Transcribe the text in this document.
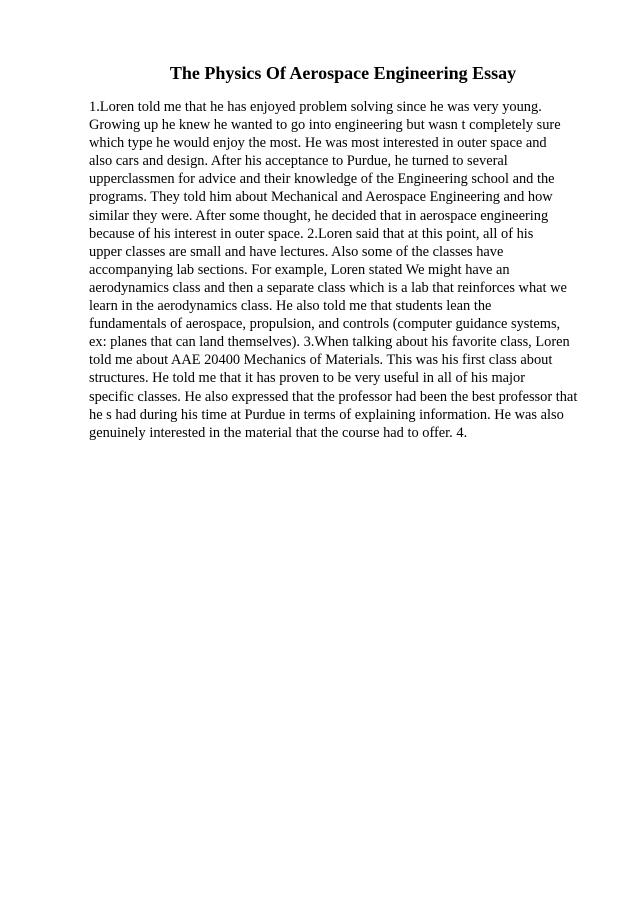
The Physics Of Aerospace Engineering Essay
1.Loren told me that he has enjoyed problem solving since he was very young.
Growing up he knew he wanted to go into engineering but wasn t completely sure
which type he would enjoy the most. He was most interested in outer space and
also cars and design. After his acceptance to Purdue, he turned to several
upperclassmen for advice and their knowledge of the Engineering school and the
programs. They told him about Mechanical and Aerospace Engineering and how
similar they were. After some thought, he decided that in aerospace engineering
because of his interest in outer space. 2.Loren said that at this point, all of his
upper classes are small and have lectures. Also some of the classes have
accompanying lab sections. For example, Loren stated We might have an
aerodynamics class and then a separate class which is a lab that reinforces what we
learn in the aerodynamics class. He also told me that students lean the
fundamentals of aerospace, propulsion, and controls (computer guidance systems,
ex: planes that can land themselves). 3.When talking about his favorite class, Loren
told me about AAE 20400 Mechanics of Materials. This was his first class about
structures. He told me that it has proven to be very useful in all of his major
specific classes. He also expressed that the professor had been the best professor that
he s had during his time at Purdue in terms of explaining information. He was also
genuinely interested in the material that the course had to offer. 4.
